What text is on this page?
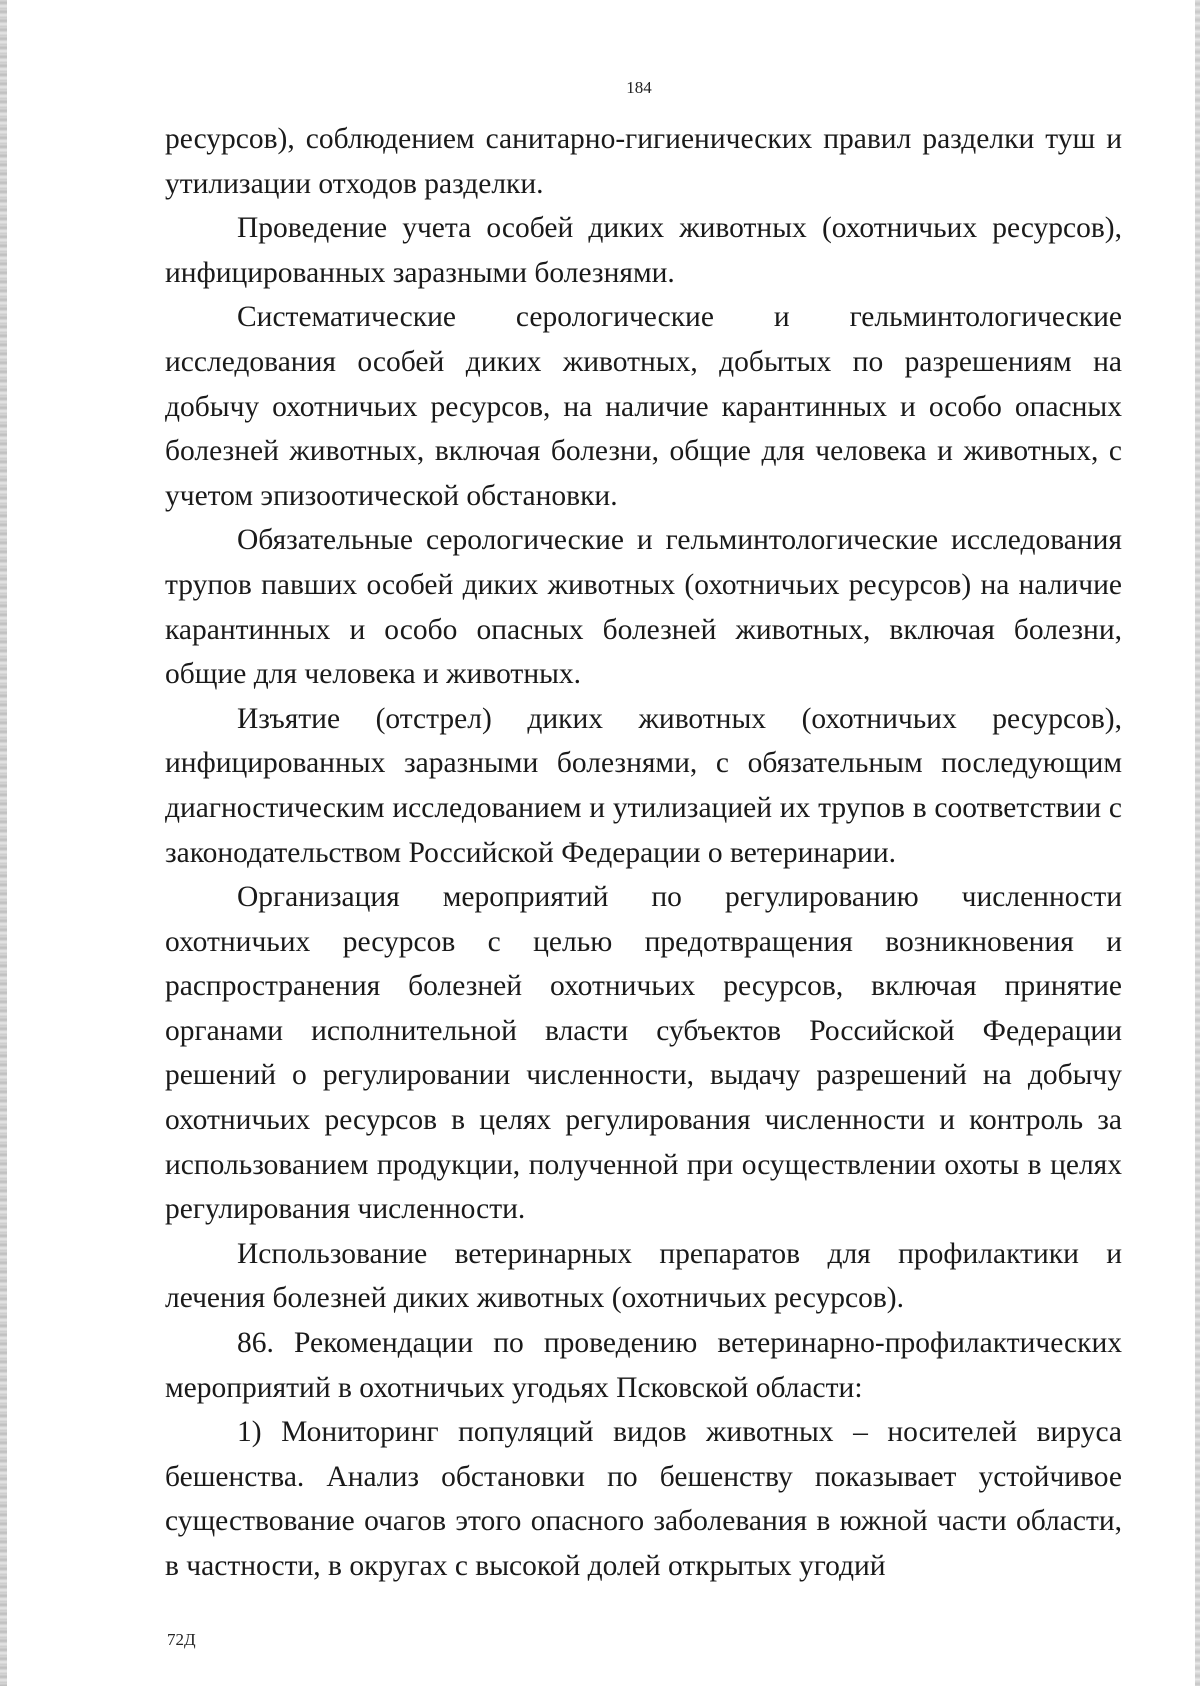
184

ресурсов), соблюдением санитарно-гигиенических правил разделки туш и утилизации отходов разделки.

Проведение учета особей диких животных (охотничьих ресурсов), инфицированных заразными болезнями.

Систематические серологические и гельминтологические исследования особей диких животных, добытых по разрешениям на добычу охотничьих ресурсов, на наличие карантинных и особо опасных болезней животных, включая болезни, общие для человека и животных, с учетом эпизоотической обстановки.

Обязательные серологические и гельминтологические исследования трупов павших особей диких животных (охотничьих ресурсов) на наличие карантинных и особо опасных болезней животных, включая болезни, общие для человека и животных.

Изъятие (отстрел) диких животных (охотничьих ресурсов), инфицированных заразными болезнями, с обязательным последующим диагностическим исследованием и утилизацией их трупов в соответствии с законодательством Российской Федерации о ветеринарии.

Организация мероприятий по регулированию численности охотничьих ресурсов с целью предотвращения возникновения и распространения болезней охотничьих ресурсов, включая принятие органами исполнительной власти субъектов Российской Федерации решений о регулировании численности, выдачу разрешений на добычу охотничьих ресурсов в целях регулирования численности и контроль за использованием продукции, полученной при осуществлении охоты в целях регулирования численности.

Использование ветеринарных препаратов для профилактики и лечения болезней диких животных (охотничьих ресурсов).

86. Рекомендации по проведению ветеринарно-профилактических мероприятий в охотничьих угодьях Псковской области:

1) Мониторинг популяций видов животных – носителей вируса бешенства. Анализ обстановки по бешенству показывает устойчивое существование очагов этого опасного заболевания в южной части области, в частности, в округах с высокой долей открытых угодий

72Д
